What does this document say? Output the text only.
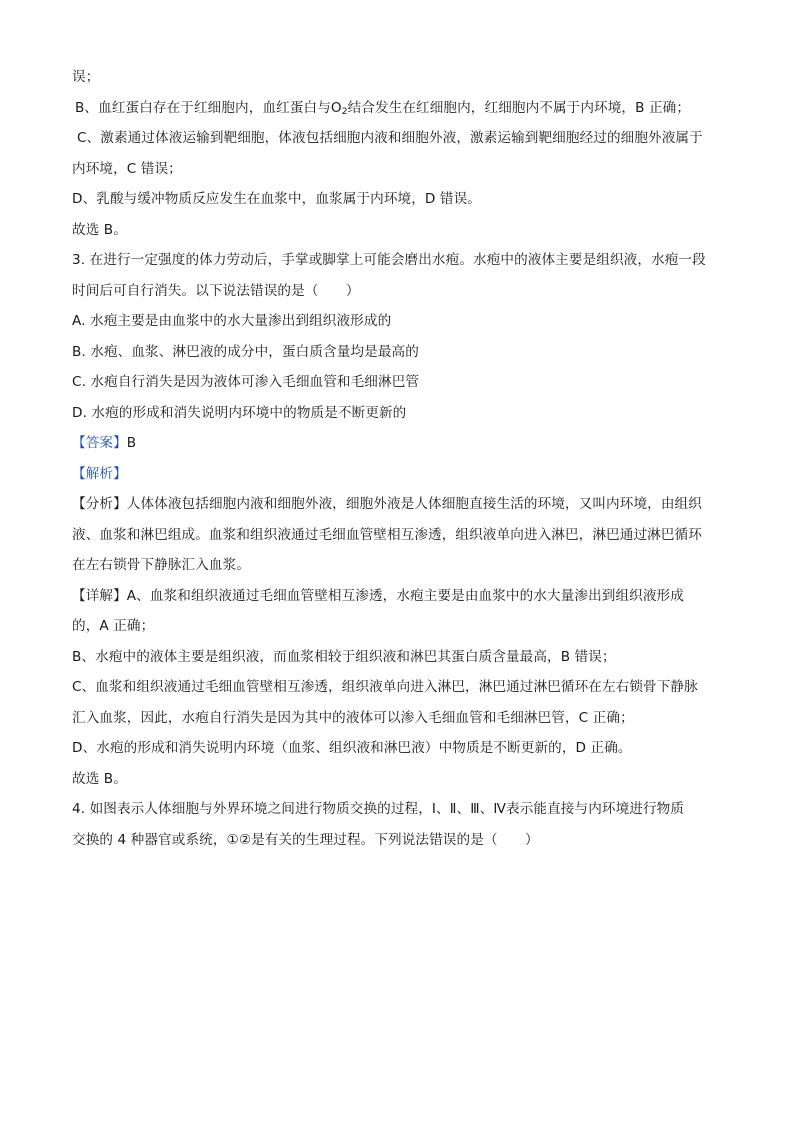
误；
B、血红蛋白存在于红细胞内，血红蛋白与$O_2$结合发生在红细胞内，红细胞内不属于内环境，B 正确；
C、激素通过体液运输到靶细胞，体液包括细胞内液和细胞外液，激素运输到靶细胞经过的细胞外液属于
内环境，C 错误；
D、乳酸与缓冲物质反应发生在血浆中，血浆属于内环境，D 错误。
故选 B。
3. 在进行一定强度的体力劳动后，手掌或脚掌上可能会磨出水疱。水疱中的液体主要是组织液，水疱一段
时间后可自行消失。以下说法错误的是（　　）
A. 水疱主要是由血浆中的水大量渗出到组织液形成的
B. 水疱、血浆、淋巴液的成分中，蛋白质含量均是最高的
C. 水疱自行消失是因为液体可渗入毛细血管和毛细淋巴管
D. 水疱的形成和消失说明内环境中的物质是不断更新的
【答案】B
【解析】
【分析】人体体液包括细胞内液和细胞外液，细胞外液是人体细胞直接生活的环境，又叫内环境，由组织
液、血浆和淋巴组成。血浆和组织液通过毛细血管壁相互渗透，组织液单向进入淋巴，淋巴通过淋巴循环
在左右锁骨下静脉汇入血浆。
【详解】A、血浆和组织液通过毛细血管壁相互渗透，水疱主要是由血浆中的水大量渗出到组织液形成
的，A 正确；
B、水疱中的液体主要是组织液，而血浆相较于组织液和淋巴其蛋白质含量最高，B 错误；
C、血浆和组织液通过毛细血管壁相互渗透，组织液单向进入淋巴，淋巴通过淋巴循环在左右锁骨下静脉
汇入血浆，因此，水疱自行消失是因为其中的液体可以渗入毛细血管和毛细淋巴管，C 正确；
D、水疱的形成和消失说明内环境（血浆、组织液和淋巴液）中物质是不断更新的，D 正确。
故选 B。
4. 如图表示人体细胞与外界环境之间进行物质交换的过程，Ⅰ、Ⅱ、Ⅲ、Ⅳ表示能直接与内环境进行物质
交换的 4 种器官或系统，①②是有关的生理过程。下列说法错误的是（　　）
